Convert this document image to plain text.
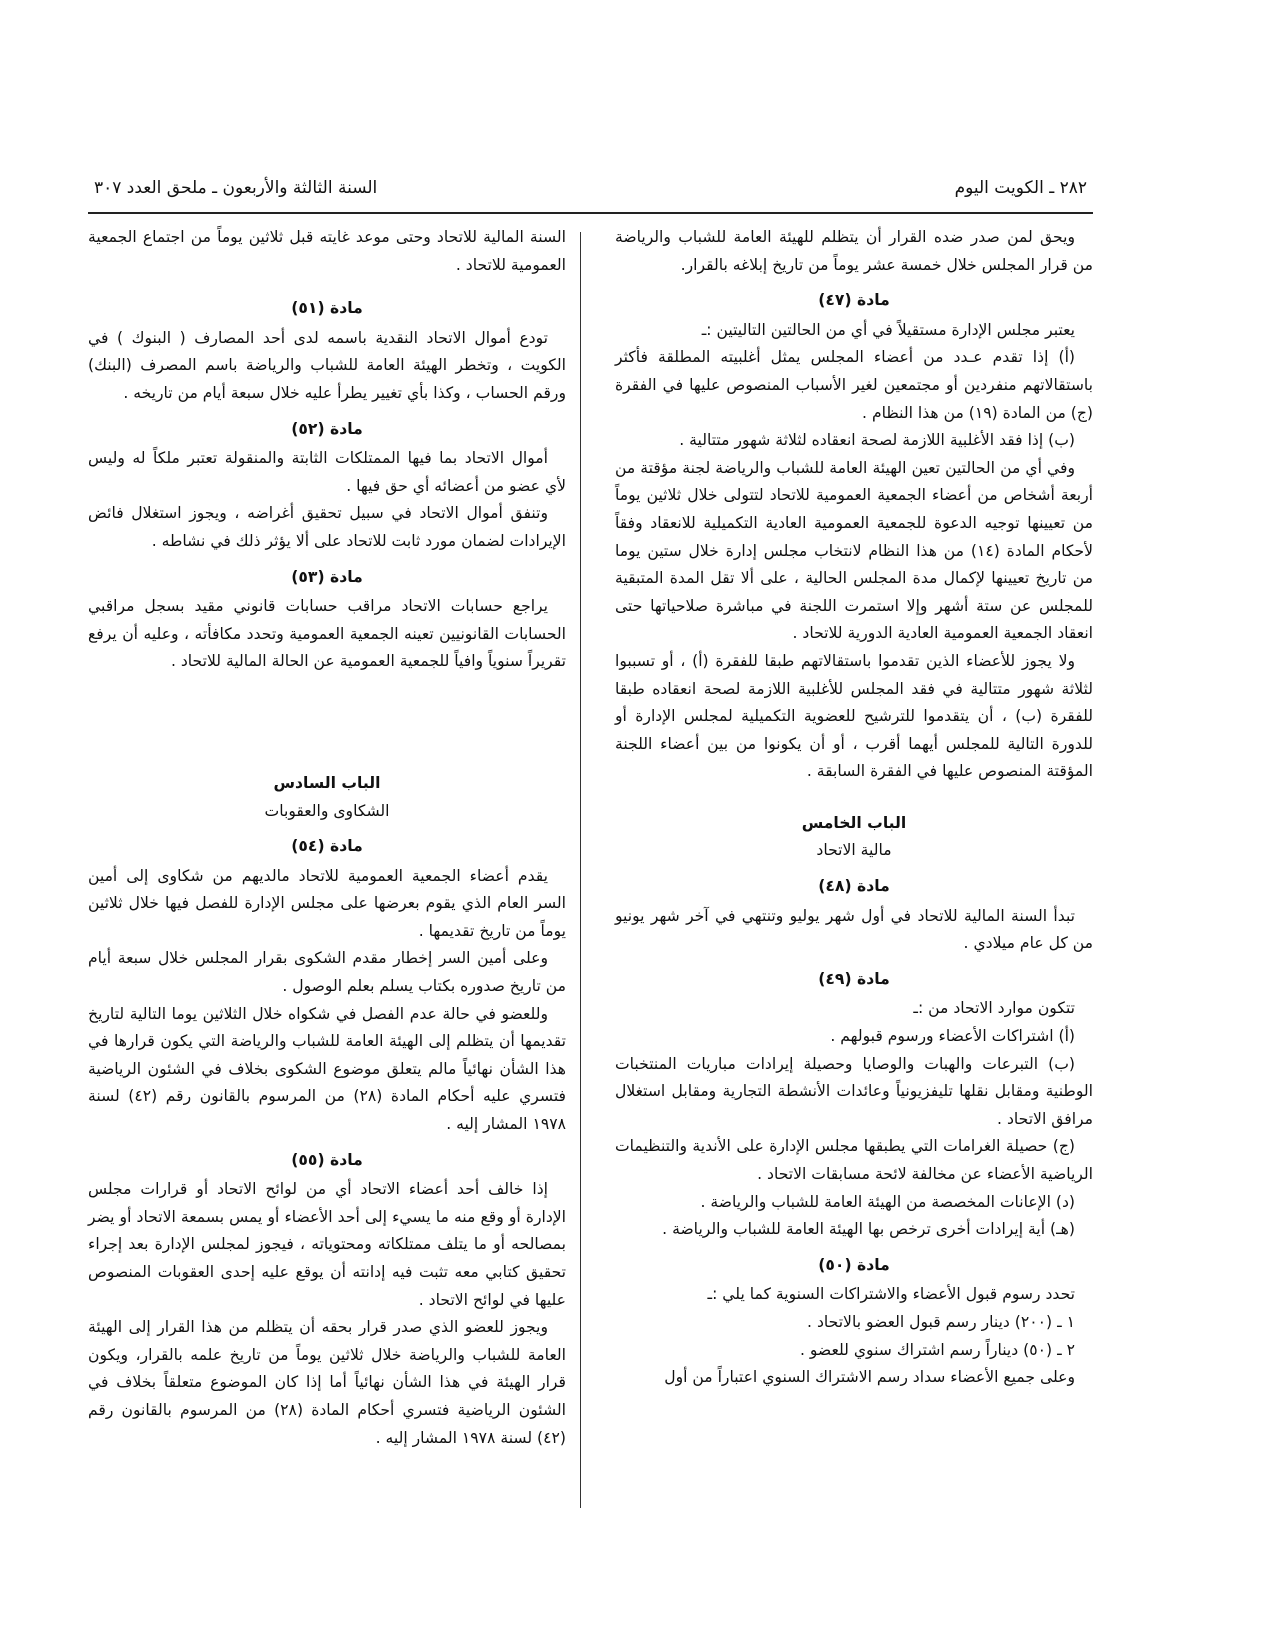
٢٨٢ ـ الكويت اليوم
السنة الثالثة والأربعون ـ ملحق العدد ٣٠٧

ويحق لمن صدر ضده القرار أن يتظلم للهيئة العامة للشباب والرياضة من قرار المجلس خلال خمسة عشر يوماً من تاريخ إبلاغه بالقرار.

مادة (٤٧)

يعتبر مجلس الإدارة مستقيلاً في أي من الحالتين التاليتين :ـ

(أ) إذا تقدم عـدد من أعضاء المجلس يمثل أغلبيته المطلقة فأكثر باستقالاتهم منفردين أو مجتمعين لغير الأسباب المنصوص عليها في الفقرة (ج) من المادة (١٩) من هذا النظام .

(ب) إذا فقد الأغلبية اللازمة لصحة انعقاده لثلاثة شهور متتالية .

وفي أي من الحالتين تعين الهيئة العامة للشباب والرياضة لجنة مؤقتة من أربعة أشخاص من أعضاء الجمعية العمومية للاتحاد لتتولى خلال ثلاثين يوماً من تعيينها توجيه الدعوة للجمعية العمومية العادية التكميلية للانعقاد وفقاً لأحكام المادة (١٤) من هذا النظام لانتخاب مجلس إدارة خلال ستين يوما من تاريخ تعيينها لإكمال مدة المجلس الحالية ، على ألا تقل المدة المتبقية للمجلس عن ستة أشهر وإلا استمرت اللجنة في مباشرة صلاحياتها حتى انعقاد الجمعية العمومية العادية الدورية للاتحاد .

ولا يجوز للأعضاء الذين تقدموا باستقالاتهم طبقا للفقرة (أ) ، أو تسببوا لثلاثة شهور متتالية في فقد المجلس للأغلبية اللازمة لصحة انعقاده طبقا للفقرة (ب) ، أن يتقدموا للترشيح للعضوية التكميلية لمجلس الإدارة أو للدورة التالية للمجلس أيهما أقرب ، أو أن يكونوا من بين أعضاء اللجنة المؤقتة المنصوص عليها في الفقرة السابقة .

الباب الخامس
مالية الاتحاد
مادة (٤٨)

تبدأ السنة المالية للاتحاد في أول شهر يوليو وتنتهي في آخر شهر يونيو من كل عام ميلادي .

مادة (٤٩)

تتكون موارد الاتحاد من :ـ

(أ) اشتراكات الأعضاء ورسوم قبولهم .

(ب) التبرعات والهبات والوصايا وحصيلة إيرادات مباريات المنتخبات الوطنية ومقابل نقلها تليفزيونياً وعائدات الأنشطة التجارية ومقابل استغلال مرافق الاتحاد .

(ج) حصيلة الغرامات التي يطبقها مجلس الإدارة على الأندية والتنظيمات الرياضية الأعضاء عن مخالفة لائحة مسابقات الاتحاد .

(د) الإعانات المخصصة من الهيئة العامة للشباب والرياضة .

(هـ) أية إيرادات أخرى ترخص بها الهيئة العامة للشباب والرياضة .

مادة (٥٠)

تحدد رسوم قبول الأعضاء والاشتراكات السنوية كما يلي :ـ

١ ـ (٢٠٠) دينار رسم قبول العضو بالاتحاد .

٢ ـ (٥٠) ديناراً رسم اشتراك سنوي للعضو .

وعلى جميع الأعضاء سداد رسم الاشتراك السنوي اعتباراً من أول

السنة المالية للاتحاد وحتى موعد غايته قبل ثلاثين يوماً من اجتماع الجمعية العمومية للاتحاد .

مادة (٥١)

تودع أموال الاتحاد النقدية باسمه لدى أحد المصارف ( البنوك ) في الكويت ، وتخطر الهيئة العامة للشباب والرياضة باسم المصرف (البنك) ورقم الحساب ، وكذا بأي تغيير يطرأ عليه خلال سبعة أيام من تاريخه .

مادة (٥٢)

أموال الاتحاد بما فيها الممتلكات الثابتة والمنقولة تعتبر ملكاً له وليس لأي عضو من أعضائه أي حق فيها .

وتنفق أموال الاتحاد في سبيل تحقيق أغراضه ، ويجوز استغلال فائض الإيرادات لضمان مورد ثابت للاتحاد على ألا يؤثر ذلك في نشاطه .

مادة (٥٣)

يراجع حسابات الاتحاد مراقب حسابات قانوني مقيد بسجل مراقبي الحسابات القانونيين تعينه الجمعية العمومية وتحدد مكافأته ، وعليه أن يرفع تقريراً سنوياً وافياً للجمعية العمومية عن الحالة المالية للاتحاد .

الباب السادس
الشكاوى والعقوبات
مادة (٥٤)

يقدم أعضاء الجمعية العمومية للاتحاد مالديهم من شكاوى إلى أمين السر العام الذي يقوم بعرضها على مجلس الإدارة للفصل فيها خلال ثلاثين يوماً من تاريخ تقديمها .

وعلى أمين السر إخطار مقدم الشكوى بقرار المجلس خلال سبعة أيام من تاريخ صدوره بكتاب يسلم بعلم الوصول .

وللعضو في حالة عدم الفصل في شكواه خلال الثلاثين يوما التالية لتاريخ تقديمها أن يتظلم إلى الهيئة العامة للشباب والرياضة التي يكون قرارها في هذا الشأن نهائياً مالم يتعلق موضوع الشكوى بخلاف في الشئون الرياضية فتسري عليه أحكام المادة (٢٨) من المرسوم بالقانون رقم (٤٢) لسنة ١٩٧٨ المشار إليه .

مادة (٥٥)

إذا خالف أحد أعضاء الاتحاد أي من لوائح الاتحاد أو قرارات مجلس الإدارة أو وقع منه ما يسيء إلى أحد الأعضاء أو يمس بسمعة الاتحاد أو يضر بمصالحه أو ما يتلف ممتلكاته ومحتوياته ، فيجوز لمجلس الإدارة بعد إجراء تحقيق كتابي معه تثبت فيه إدانته أن يوقع عليه إحدى العقوبات المنصوص عليها في لوائح الاتحاد .

ويجوز للعضو الذي صدر قرار بحقه أن يتظلم من هذا القرار إلى الهيئة العامة للشباب والرياضة خلال ثلاثين يوماً من تاريخ علمه بالقرار، ويكون قرار الهيئة في هذا الشأن نهائياً أما إذا كان الموضوع متعلقاً بخلاف في الشئون الرياضية فتسري أحكام المادة (٢٨) من المرسوم بالقانون رقم (٤٢) لسنة ١٩٧٨ المشار إليه .
